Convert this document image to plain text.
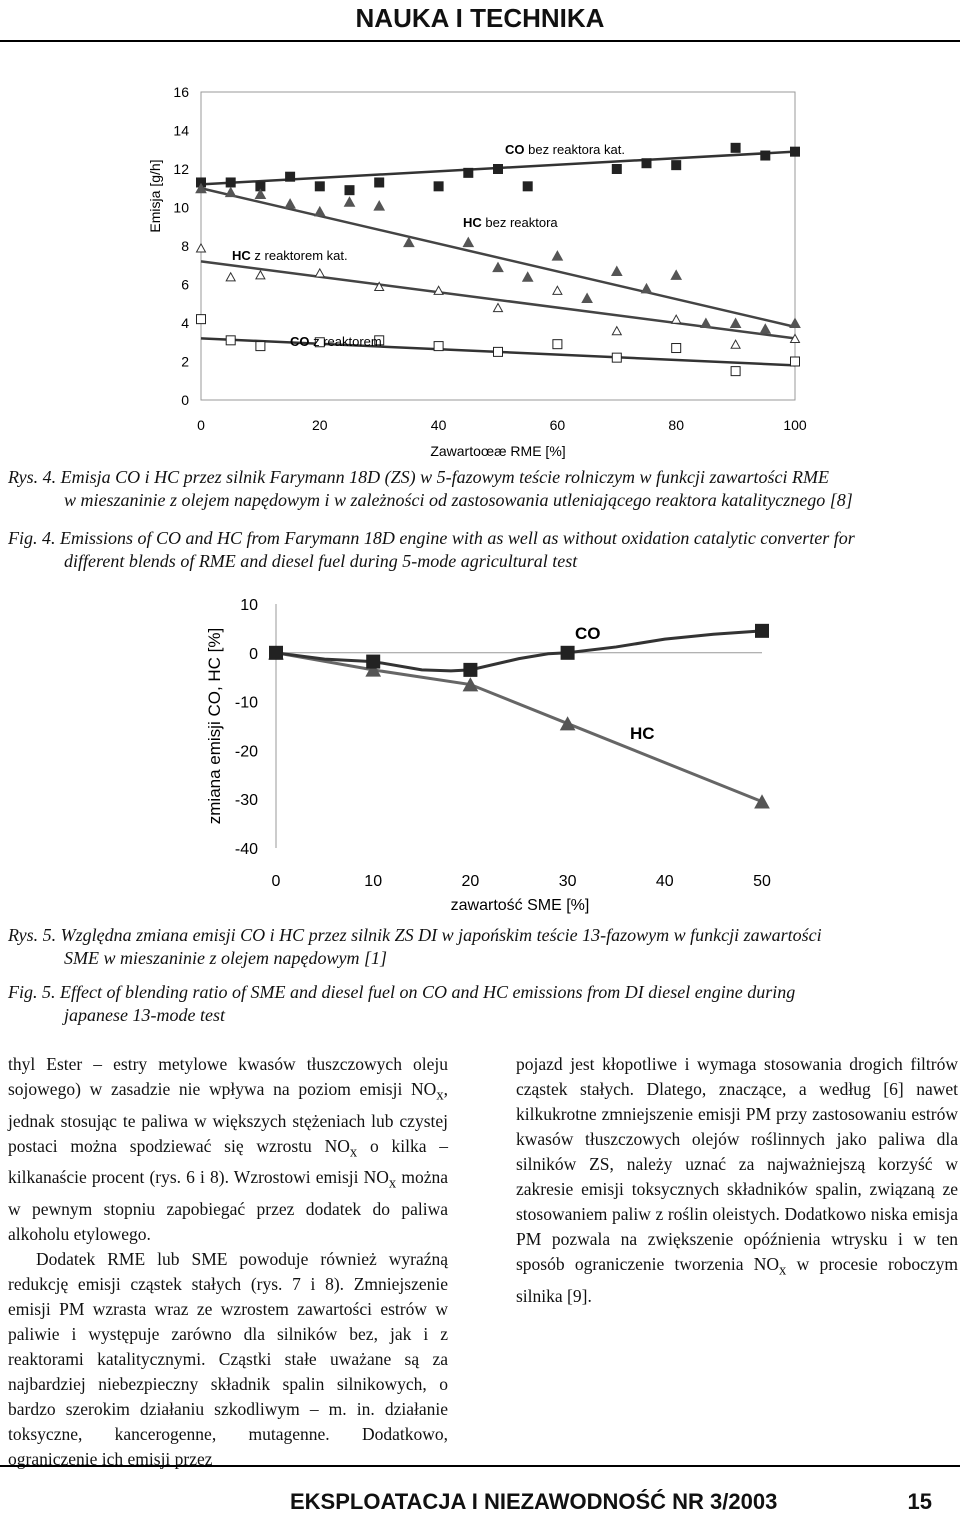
NAUKA I TECHNIKA
0
2
4
6
8
10
12
14
16
0	20	40	60	80	100
Zawartoœæ RME [%]
Emisja [g/h]
CO bez reaktora kat.
HC bez reaktora
HC z reaktorem kat.
CO z reaktorem
Rys. 4. Emisja CO i HC przez silnik Farymann 18D (ZS) w 5-fazowym teście rolniczym w funkcji zawartości RME
w mieszaninie z olejem napędowym i w zależności od zastosowania utleniającego reaktora katalitycznego [8]
Fig. 4. Emissions of CO and HC from Farymann 18D engine with as well as without oxidation catalytic converter for
different blends of RME and diesel fuel during 5-mode agricultural test
10
0
-10
-20
-30
-40
0	10	20	30	40	50
zawartość SME [%]
zmiana emisji CO, HC [%]	CO
HC
Rys. 5. Względna zmiana emisji CO i HC przez silnik ZS DI w japońskim teście 13-fazowym w funkcji zawartości
SME w mieszaninie z olejem napędowym [1]
Fig. 5. Effect of blending ratio of SME and diesel fuel on CO and HC emissions from DI diesel engine during
japanese 13-mode test

thyl Ester – estry metylowe kwasów tłuszczowych oleju sojowego) w zasadzie nie wpływa na poziom emisji $NO_x$, jednak stosując te paliwa w większych stężeniach lub czystej postaci można spodziewać się wzrostu $NO_x$ o kilka – kilkanaście procent (rys. 6 i 8). Wzrostowi emisji $NO_x$ można w pewnym stopniu zapobiegać przez dodatek do paliwa alkoholu etylowego.

Dodatek RME lub SME powoduje również wyraźną redukcję emisji cząstek stałych (rys. 7 i 8). Zmniejszenie emisji PM wzrasta wraz ze wzrostem zawartości estrów w paliwie i występuje zarówno dla silników bez, jak i z reaktorami katalitycznymi. Cząstki stałe uważane są za najbardziej niebezpieczny składnik spalin silnikowych, o bardzo szerokim działaniu szkodliwym – m. in. działanie toksyczne, kancerogenne, mutagenne. Dodatkowo, ograniczenie ich emisji przez

pojazd jest kłopotliwe i wymaga stosowania drogich filtrów cząstek stałych. Dlatego, znaczące, a według [6] nawet kilkukrotne zmniejszenie emisji PM przy zastosowaniu estrów kwasów tłuszczowych olejów roślinnych jako paliwa dla silników ZS, należy uznać za najważniejszą korzyść w zakresie emisji toksycznych składników spalin, związaną ze stosowaniem paliw z roślin oleistych. Dodatkowo niska emisja PM pozwala na zwiększenie opóźnienia wtrysku i w ten sposób ograniczenie tworzenia $NO_x$ w procesie roboczym silnika [9].

EKSPLOATACJA I NIEZAWODNOŚĆ NR 3/2003	15
